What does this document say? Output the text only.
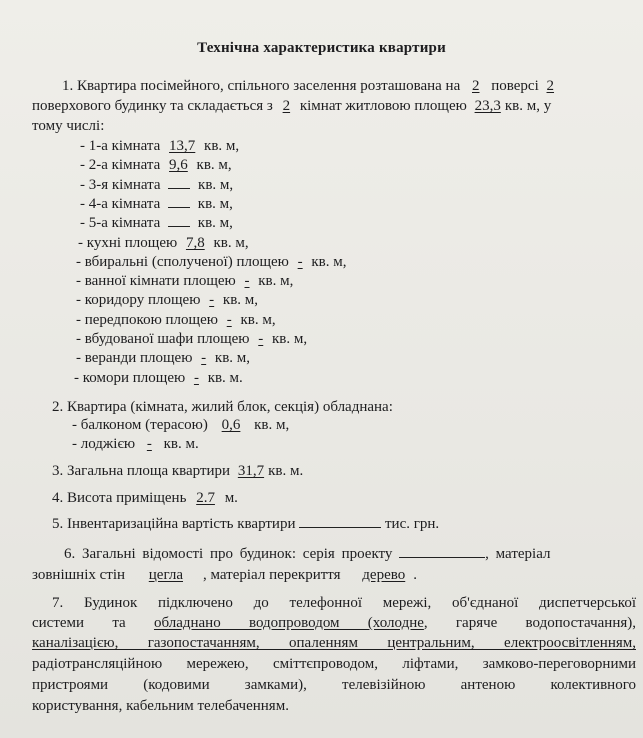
Технічна характеристика квартири
1. Квартира посімейного, спільного заселення розташована на 2 поверсі 2
поверхового будинку та складається з 2 кімнат житловою площею 23,3 кв. м, у
тому числі:
- 1-а кімната 13,7 кв. м,
- 2-а кімната 9,6 кв. м,
- 3-я кімната	кв. м,
- 4-а кімната	кв. м,
- 5-а кімната	кв. м,
- кухні площею 7,8 кв. м,
- вбиральні (сполученої) площею - кв. м,
- ванної кімнати площею - кв. м,
- коридору площею - кв. м,
- передпокою площею - кв. м,
- вбудованої шафи площею - кв. м,
- веранди площею - кв. м,
- комори площею - кв. м.
2. Квартира (кімната, жилий блок, секція) обладнана:
- балконом (терасою) 0,6 кв. м,
- лоджією - кв. м.
3. Загальна площа квартири 31,7 кв. м.
4. Висота приміщень 2.7 м.
5. Інвентаризаційна вартість квартири	тис. грн.
6. Загальні відомості про будинок: серія проекту	, матеріал
зовнішніх стін цегла , матеріал перекриття дерево .
7. Будинок підключено до телефонної мережі, об'єднаної диспетчерської
системи та обладнано водопроводом (холодне, гаряче водопостачання),
каналізацією, газопостачанням, опаленням центральним, електроосвітленням,
радіотрансляційною мережею, сміттєпроводом, ліфтами, замково-переговорними
пристроями (кодовими замками), телевізійною антеною колективного
користування, кабельним телебаченням.
